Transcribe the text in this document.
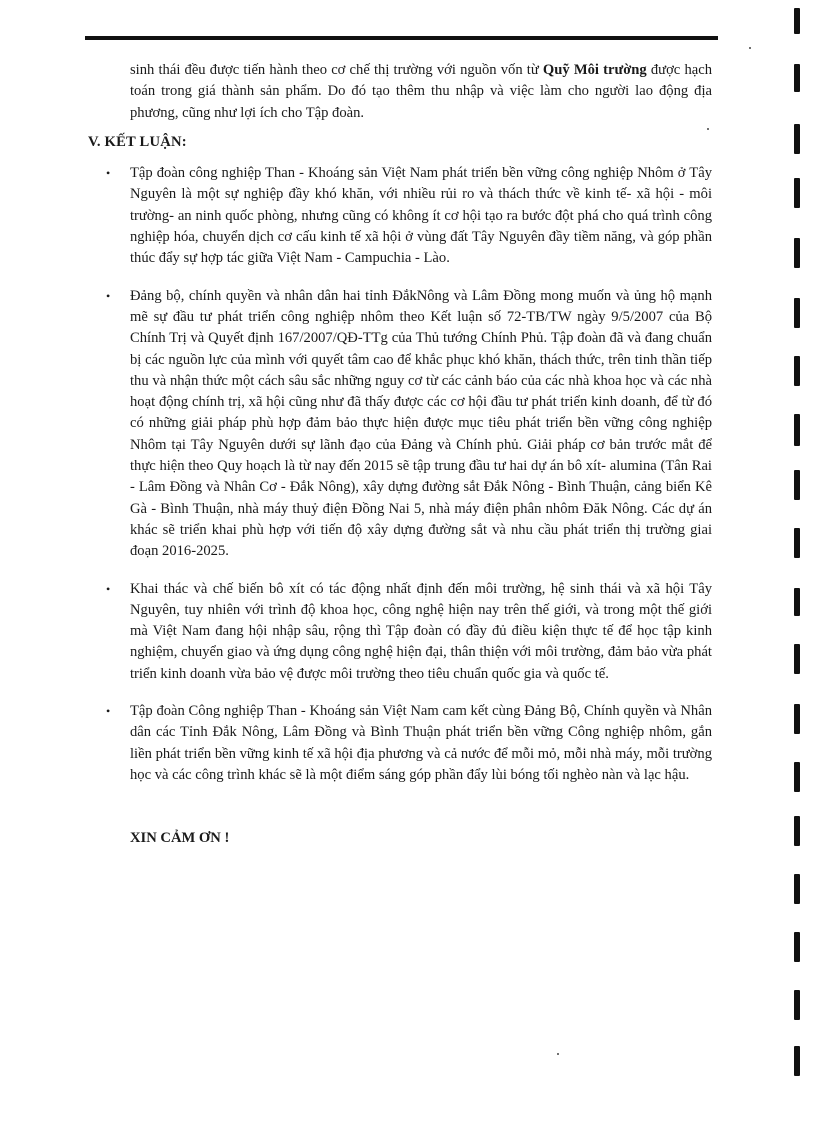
sinh thái đều được tiến hành theo cơ chế thị trường với nguồn vốn từ Quỹ Môi trường được hạch toán trong giá thành sản phẩm. Do đó tạo thêm thu nhập và việc làm cho người lao động địa phương, cũng như lợi ích cho Tập đoàn.

V. KẾT LUẬN:
• Tập đoàn công nghiệp Than - Khoáng sản Việt Nam phát triển bền vững công nghiệp Nhôm ở Tây Nguyên là một sự nghiệp đầy khó khăn, với nhiều rủi ro và thách thức về kinh tế- xã hội - môi trường- an ninh quốc phòng, nhưng cũng có không ít cơ hội tạo ra bước đột phá cho quá trình công nghiệp hóa, chuyển dịch cơ cấu kinh tế xã hội ở vùng đất Tây Nguyên đầy tiềm năng, và góp phần thúc đẩy sự hợp tác giữa Việt Nam - Campuchia - Lào.
• Đảng bộ, chính quyền và nhân dân hai tỉnh ĐắkNông và Lâm Đồng mong muốn và ủng hộ mạnh mẽ sự đầu tư phát triển công nghiệp nhôm theo Kết luận số 72-TB/TW ngày 9/5/2007 của Bộ Chính Trị và Quyết định 167/2007/QĐ-TTg của Thủ tướng Chính Phủ. Tập đoàn đã và đang chuẩn bị các nguồn lực của mình với quyết tâm cao để khắc phục khó khăn, thách thức, trên tinh thần tiếp thu và nhận thức một cách sâu sắc những nguy cơ từ các cảnh báo của các nhà khoa học và các nhà hoạt động chính trị, xã hội cũng như đã thấy được các cơ hội đầu tư phát triển kinh doanh, để từ đó có những giải pháp phù hợp đảm bảo thực hiện được mục tiêu phát triển bền vững công nghiệp Nhôm tại Tây Nguyên dưới sự lãnh đạo của Đảng và Chính phủ. Giải pháp cơ bản trước mắt để thực hiện theo Quy hoạch là từ nay đến 2015 sẽ tập trung đầu tư hai dự án bô xít- alumina (Tân Rai - Lâm Đồng và Nhân Cơ - Đắk Nông), xây dựng đường sắt Đắk Nông - Bình Thuận, cảng biển Kê Gà - Bình Thuận, nhà máy thuỷ điện Đồng Nai 5, nhà máy điện phân nhôm Đăk Nông. Các dự án khác sẽ triển khai phù hợp với tiến độ xây dựng đường sắt và nhu cầu phát triển thị trường giai đoạn 2016-2025.
• Khai thác và chế biến bô xít có tác động nhất định đến môi trường, hệ sinh thái và xã hội Tây Nguyên, tuy nhiên với trình độ khoa học, công nghệ hiện nay trên thế giới, và trong một thế giới mà Việt Nam đang hội nhập sâu, rộng thì Tập đoàn có đầy đủ điều kiện thực tế để học tập kinh nghiệm, chuyển giao và ứng dụng công nghệ hiện đại, thân thiện với môi trường, đảm bảo vừa phát triển kinh doanh vừa bảo vệ được môi trường theo tiêu chuẩn quốc gia và quốc tế.
• Tập đoàn Công nghiệp Than - Khoáng sản Việt Nam cam kết cùng Đảng Bộ, Chính quyền và Nhân dân các Tỉnh Đắk Nông, Lâm Đồng và Bình Thuận phát triển bền vững Công nghiệp nhôm, gắn liền phát triển bền vững kinh tế xã hội địa phương và cả nước để mỗi mỏ, mỗi nhà máy, mỗi trường học và các công trình khác sẽ là một điểm sáng góp phần đẩy lùi bóng tối nghèo nàn và lạc hậu.
XIN CẢM ƠN !
